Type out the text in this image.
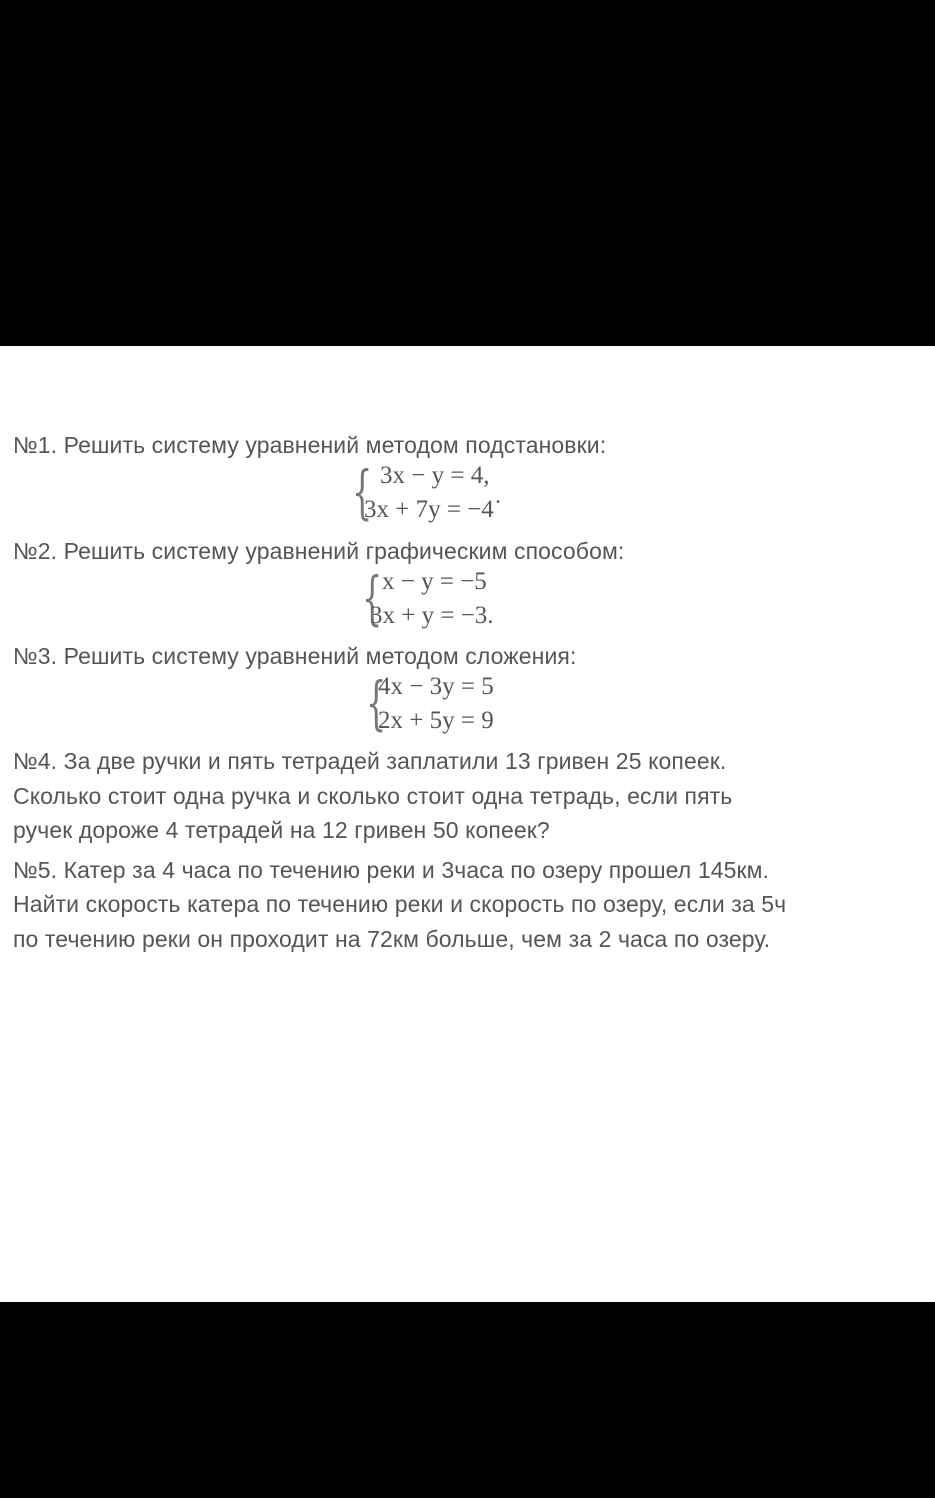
№1. Решить систему уравнений методом подстановки:
{ 3x − y = 4,
3x + 7y = −4˙
№2. Решить систему уравнений графическим способом:
{ x − y = −5
3x + y = −3.
№3. Решить систему уравнений методом сложения:
{
4x − 3y = 5
2x + 5y = 9
№4. За две ручки и пять тетрадей заплатили 13 гривен 25 копеек.
Сколько стоит одна ручка и сколько стоит одна тетрадь, если пять
ручек дороже 4 тетрадей на 12 гривен 50 копеек?
№5. Катер за 4 часа по течению реки и 3часа по озеру прошел 145км.
Найти скорость катера по течению реки и скорость по озеру, если за 5ч
по течению реки он проходит на 72км больше, чем за 2 часа по озеру.
